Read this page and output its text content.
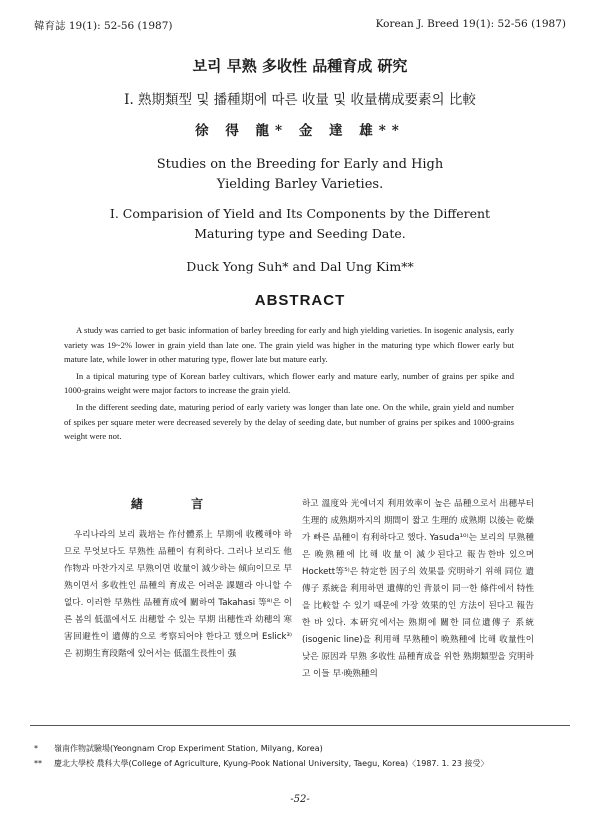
韓育誌 19(1): 52-56 (1987)	Korean J. Breed 19(1): 52-56 (1987)
보리 早熟 多收性 品種育成 硏究
Ⅰ. 熟期類型 및 播種期에 따른 收量 및 收量構成要素의 比較
徐 得 龍* 金 達 雄**
Studies on the Breeding for Early and High
Yielding Barley Varieties.
Ⅰ. Comparision of Yield and Its Components by the Different
Maturing type and Seeding Date.
Duck Yong Suh* and Dal Ung Kim**
ABSTRACT

A study was carried to get basic information of barley breeding for early and high yielding varieties. In isogenic analysis, early variety was 19~2% lower in grain yield than late one. The grain yield was higher in the maturing type which flower early but mature late, while lower in other maturing type, flower late but mature early.

In a tipical maturing type of Korean barley cultivars, which flower early and mature early, number of grains per spike and 1000-grains weight were major factors to increase the grain yield.

In the different seeding date, maturing period of early variety was longer than late one. On the while, grain yield and number of spikes per square meter were decreased severely by the delay of seeding date, but number of grains per spikes and 1000-grains weight were not.

緖 言

우리나라의 보리 栽培는 作付體系上 早期에 收穫해야 하므로 무엇보다도 早熟性 品種이 有利하다. 그러나 보리도 他作物과 마찬가지로 早熟이면 收量이 減少하는 傾向이므로 早熟이면서 多收性인 品種의 育成은 어려운 課題라 아니할 수 없다. 이러한 早熟性 品種育成에 關하여 Takahasi 等⁸⁾은 이른 봄의 低溫에서도 出穗할 수 있는 早期 出穗性과 幼穗의 寒害回避性이 遺傳的으로 考察되어야 한다고 했으며 Eslick³⁾은 初期生育段階에 있어서는 低溫生長性이 强

하고 溫度와 光에너지 利用效率이 높은 品種으로서 出穗부터 生理的 成熟期까지의 期間이 짧고 生理的 成熟期 以後는 乾燥가 빠른 品種이 有利하다고 했다. Yasuda¹⁰⁾는 보리의 早熟種은 晩熟種에 比해 收量이 減少된다고 報告한바 있으며 Hockett等⁵⁾은 特定한 因子의 效果를 究明하기 위해 同位 遺傳子 系統을 利用하면 遺傳的인 背景이 同一한 條件에서 特性을 比較할 수 있기 때문에 가장 效果的인 方法이 된다고 報告한 바 있다. 本硏究에서는 熟期에 關한 同位遺傳子 系統(isogenic line)을 利用해 早熟種이 晩熟種에 比해 收量性이 낮은 原因과 早熟 多收性 品種育成을 위한 熟期類型을 究明하고 이들 早·晩熟種의

* 嶺南作物試驗場(Yeongnam Crop Experiment Station, Milyang, Korea)
** 慶北大學校 農科大學(College of Agriculture, Kyung-Pook National University, Taegu, Korea)〈1987. 1. 23 接受〉
-52-
